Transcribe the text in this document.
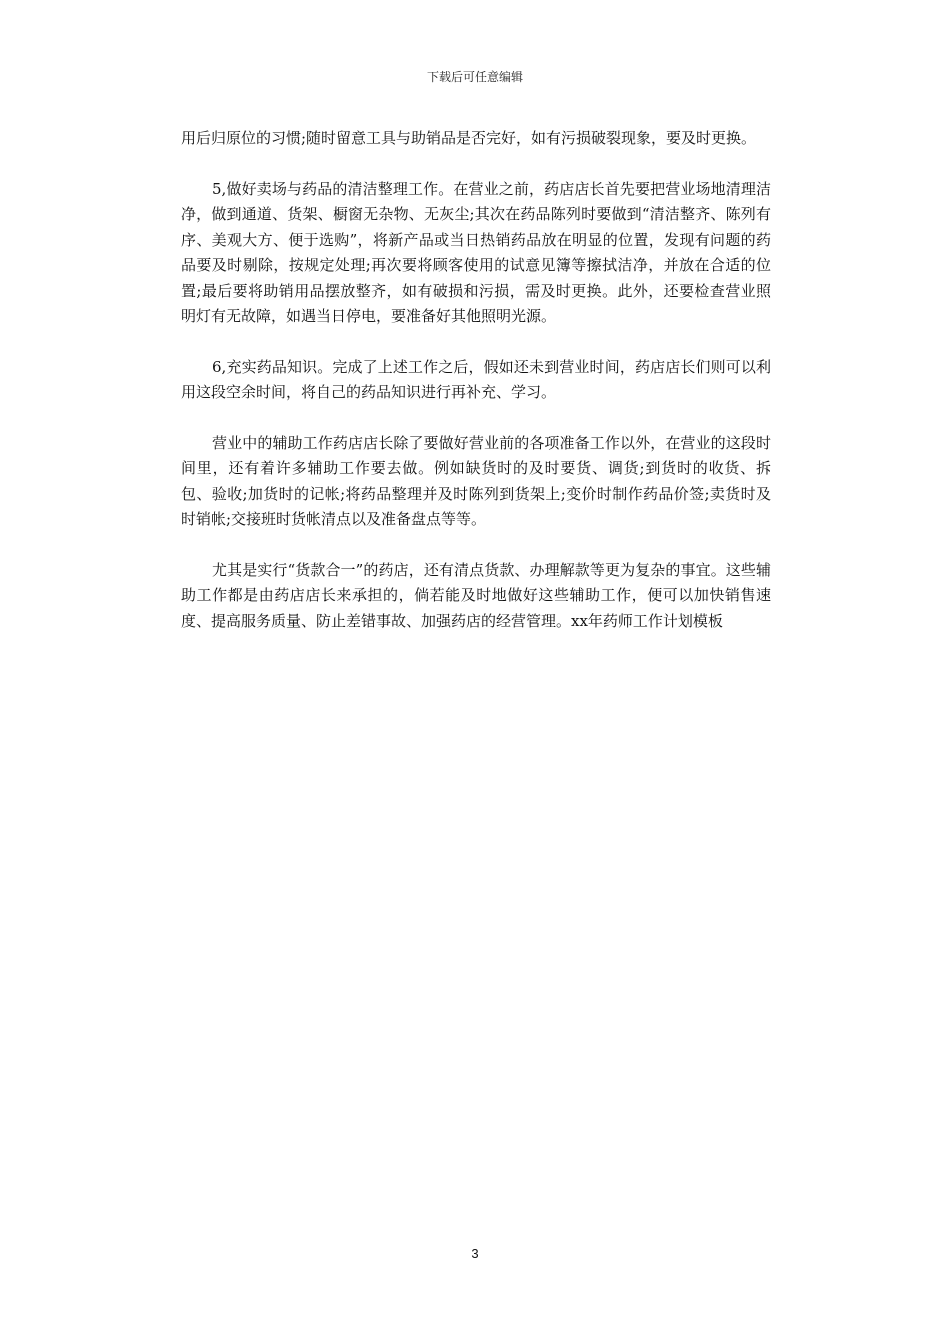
下载后可任意编辑

用后归原位的习惯;随时留意工具与助销品是否完好，如有污损破裂现象，要及时更换。

5,做好卖场与药品的清洁整理工作。在营业之前，药店店长首先要把营业场地清理洁净，做到通道、货架、橱窗无杂物、无灰尘;其次在药品陈列时要做到“清洁整齐、陈列有序、美观大方、便于选购”，将新产品或当日热销药品放在明显的位置，发现有问题的药品要及时剔除，按规定处理;再次要将顾客使用的试意见簿等擦拭洁净，并放在合适的位置;最后要将助销用品摆放整齐，如有破损和污损，需及时更换。此外，还要检查营业照明灯有无故障，如遇当日停电，要准备好其他照明光源。

6,充实药品知识。完成了上述工作之后，假如还未到营业时间，药店店长们则可以利用这段空余时间，将自己的药品知识进行再补充、学习。

营业中的辅助工作药店店长除了要做好营业前的各项准备工作以外，在营业的这段时间里，还有着许多辅助工作要去做。例如缺货时的及时要货、调货;到货时的收货、拆包、验收;加货时的记帐;将药品整理并及时陈列到货架上;变价时制作药品价签;卖货时及时销帐;交接班时货帐清点以及准备盘点等等。

尤其是实行“货款合一”的药店，还有清点货款、办理解款等更为复杂的事宜。这些辅助工作都是由药店店长来承担的，倘若能及时地做好这些辅助工作，便可以加快销售速度、提高服务质量、防止差错事故、加强药店的经营管理。xx年药师工作计划模板

3
